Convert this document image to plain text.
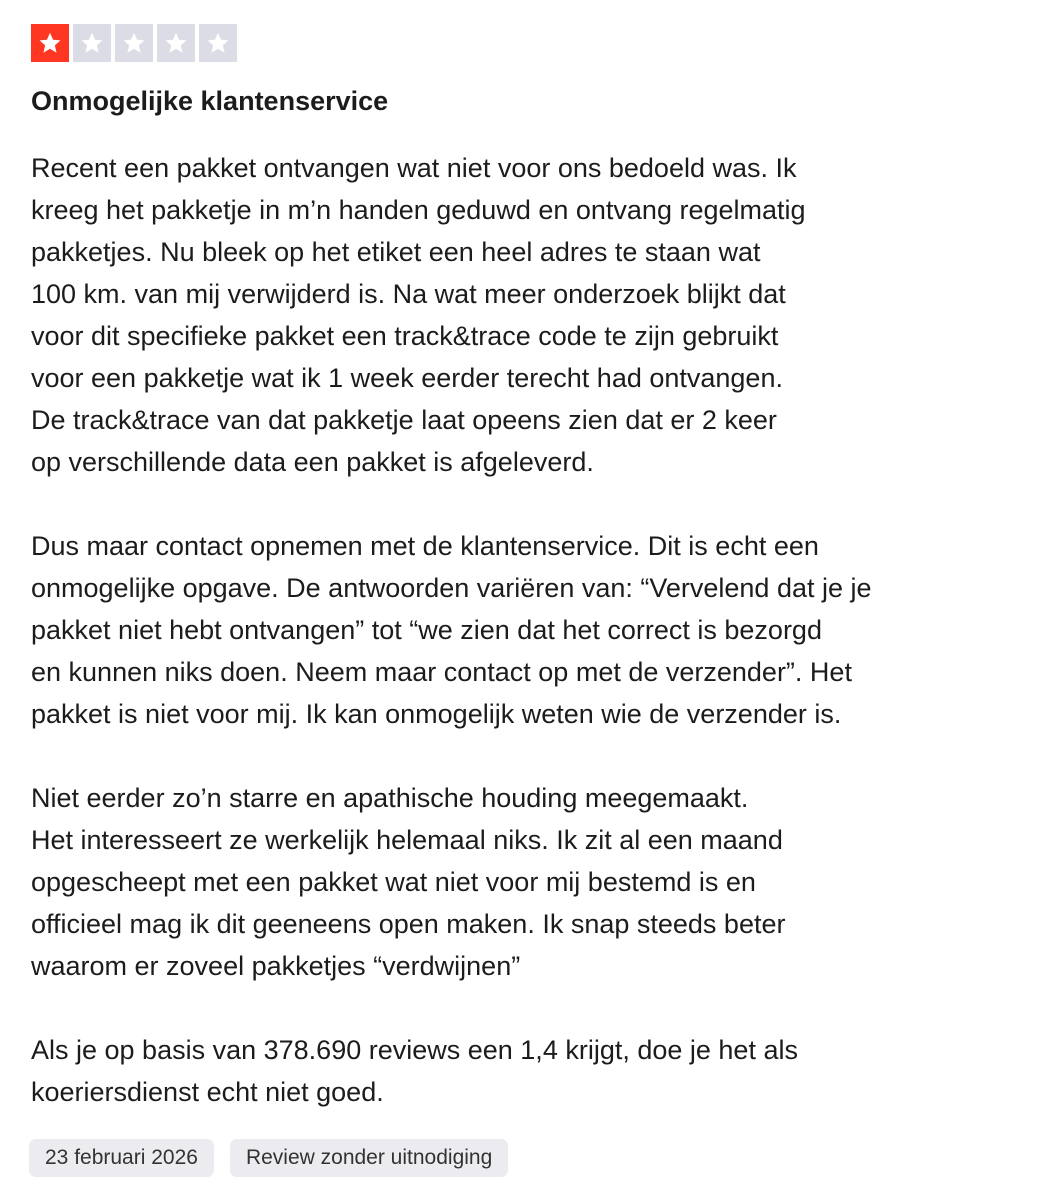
Onmogelijke klantenservice

Recent een pakket ontvangen wat niet voor ons bedoeld was. Ik
kreeg het pakketje in m’n handen geduwd en ontvang regelmatig
pakketjes. Nu bleek op het etiket een heel adres te staan wat
100 km. van mij verwijderd is. Na wat meer onderzoek blijkt dat
voor dit specifieke pakket een track&trace code te zijn gebruikt
voor een pakketje wat ik 1 week eerder terecht had ontvangen.
De track&trace van dat pakketje laat opeens zien dat er 2 keer
op verschillende data een pakket is afgeleverd.

Dus maar contact opnemen met de klantenservice. Dit is echt een
onmogelijke opgave. De antwoorden variëren van: “Vervelend dat je je
pakket niet hebt ontvangen” tot “we zien dat het correct is bezorgd
en kunnen niks doen. Neem maar contact op met de verzender”. Het
pakket is niet voor mij. Ik kan onmogelijk weten wie de verzender is.

Niet eerder zo’n starre en apathische houding meegemaakt.
Het interesseert ze werkelijk helemaal niks. Ik zit al een maand
opgescheept met een pakket wat niet voor mij bestemd is en
officieel mag ik dit geeneens open maken. Ik snap steeds beter
waarom er zoveel pakketjes “verdwijnen”

Als je op basis van 378.690 reviews een 1,4 krijgt, doe je het als
koeriersdienst echt niet goed.

23 februari 2026	Review zonder uitnodiging
